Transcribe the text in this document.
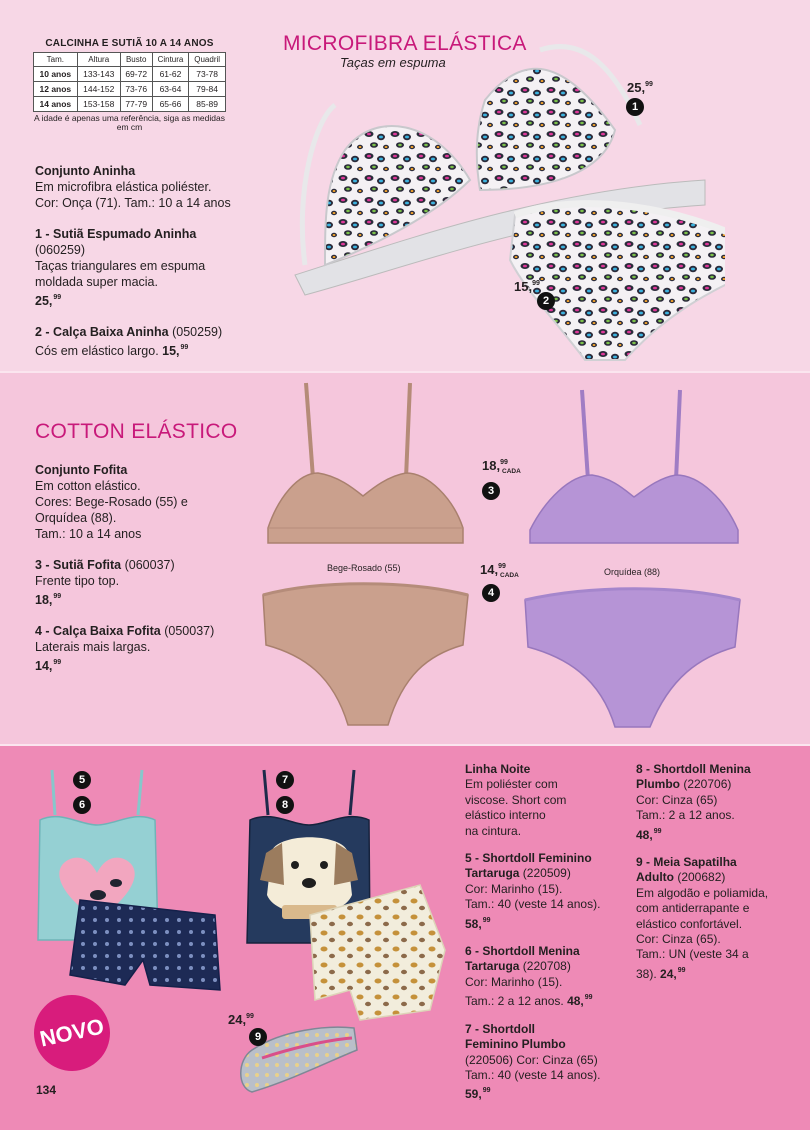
CALCINHA E SUTIÃ 10 A 14 ANOS
Tam.	Altura	Busto	Cintura	Quadril
10 anos	133-143	69-72	61-62	73-78
12 anos	144-152	73-76	63-64	79-84
14 anos	153-158	77-79	65-66	85-89
A idade é apenas uma referência, siga as medidas em cm
MICROFIBRA ELÁSTICA
Taças em espuma
25,99
1
15,99
2

Conjunto Aninha
Em microfibra elástica poliéster.
Cor: Onça (71). Tam.: 10 a 14 anos

1 - Sutiã Espumado Aninha
(060259)
Taças triangulares em espuma
moldada super macia.
25,99

2 - Calça Baixa Aninha (050259)
Cós em elástico largo. 15,99

COTTON ELÁSTICO

Conjunto Fofita
Em cotton elástico.
Cores: Bege-Rosado (55) e
Orquídea (88).
Tam.: 10 a 14 anos

3 - Sutiã Fofita (060037)
Frente tipo top.
18,99

4 - Calça Baixa Fofita (050037)
Laterais mais largas.
14,99

Bege-Rosado (55)	Orquídea (88)
18,99
CADA
3
14,99
CADA
4
5
6
7
8
24,99
9
NOVO
134

Linha Noite
Em poliéster com
viscose. Short com
elástico interno
na cintura.

5 - Shortdoll Feminino
Tartaruga (220509)
Cor: Marinho (15).
Tam.: 40 (veste 14 anos).
58,99

6 - Shortdoll Menina
Tartaruga (220708)
Cor: Marinho (15).
Tam.: 2 a 12 anos. 48,99

7 - Shortdoll
Feminino Plumbo
(220506) Cor: Cinza (65)
Tam.: 40 (veste 14 anos).
59,99

8 - Shortdoll Menina
Plumbo (220706)
Cor: Cinza (65)
Tam.: 2 a 12 anos.
48,99

9 - Meia Sapatilha
Adulto (200682)
Em algodão e poliamida,
com antiderrapante e
elástico confortável.
Cor: Cinza (65).
Tam.: UN (veste 34 a
38). 24,99
